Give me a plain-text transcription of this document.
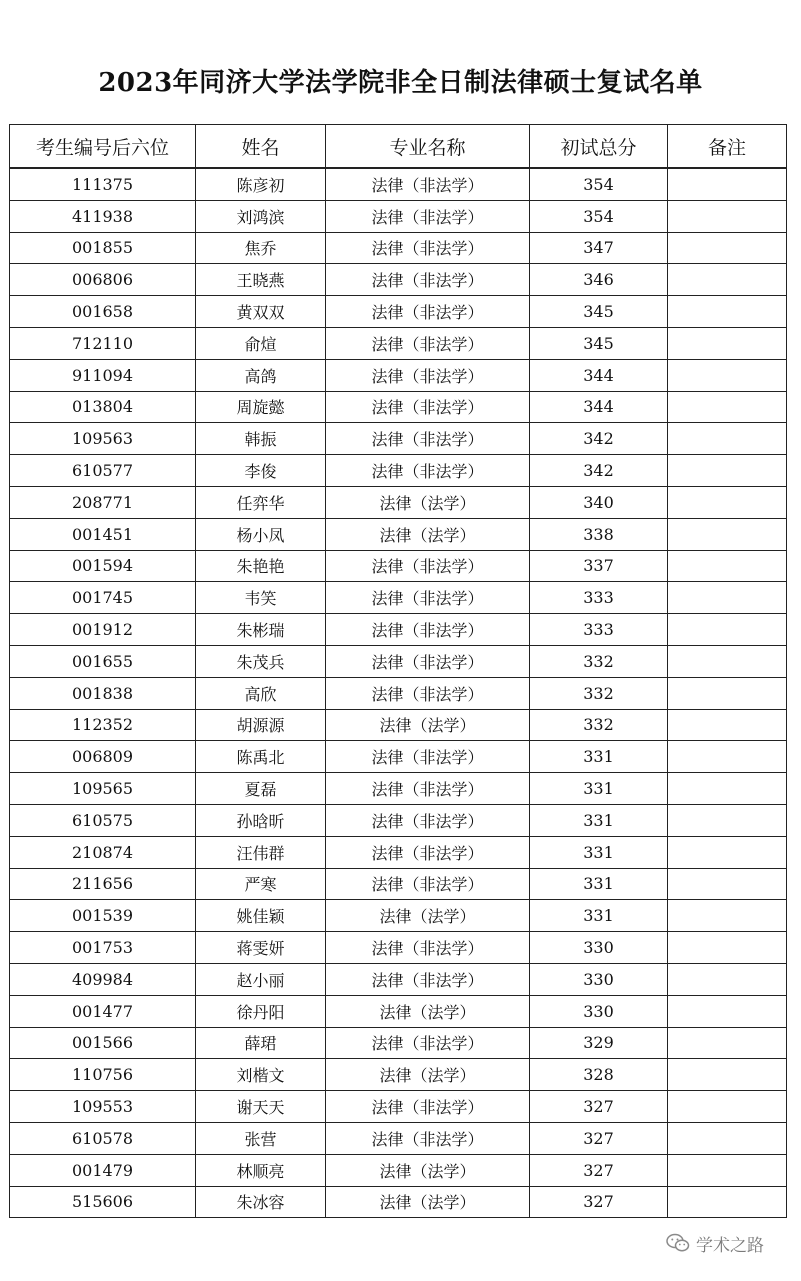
2023年同济大学法学院非全日制法律硕士复试名单
考生编号后六位	姓名	专业名称	初试总分	备注
111375	陈彦初	法律（非法学）	354	
411938	刘鸿滨	法律（非法学）	354	
001855	焦乔	法律（非法学）	347	
006806	王晓燕	法律（非法学）	346	
001658	黄双双	法律（非法学）	345	
712110	俞煊	法律（非法学）	345	
911094	高鸽	法律（非法学）	344	
013804	周旋懿	法律（非法学）	344	
109563	韩振	法律（非法学）	342	
610577	李俊	法律（非法学）	342	
208771	任弈华	法律（法学）	340	
001451	杨小凤	法律（法学）	338	
001594	朱艳艳	法律（非法学）	337	
001745	韦笑	法律（非法学）	333	
001912	朱彬瑞	法律（非法学）	333	
001655	朱茂兵	法律（非法学）	332	
001838	高欣	法律（非法学）	332	
112352	胡源源	法律（法学）	332	
006809	陈禹北	法律（非法学）	331	
109565	夏磊	法律（非法学）	331	
610575	孙晗昕	法律（非法学）	331	
210874	汪伟群	法律（非法学）	331	
211656	严寒	法律（非法学）	331	
001539	姚佳颖	法律（法学）	331	
001753	蒋雯妍	法律（非法学）	330	
409984	赵小丽	法律（非法学）	330	
001477	徐丹阳	法律（法学）	330	
001566	薛珺	法律（非法学）	329	
110756	刘楷文	法律（法学）	328	
109553	谢天天	法律（非法学）	327	
610578	张营	法律（非法学）	327	
001479	林顺亮	法律（法学）	327	
515606	朱冰容	法律（法学）	327	
学术之路
